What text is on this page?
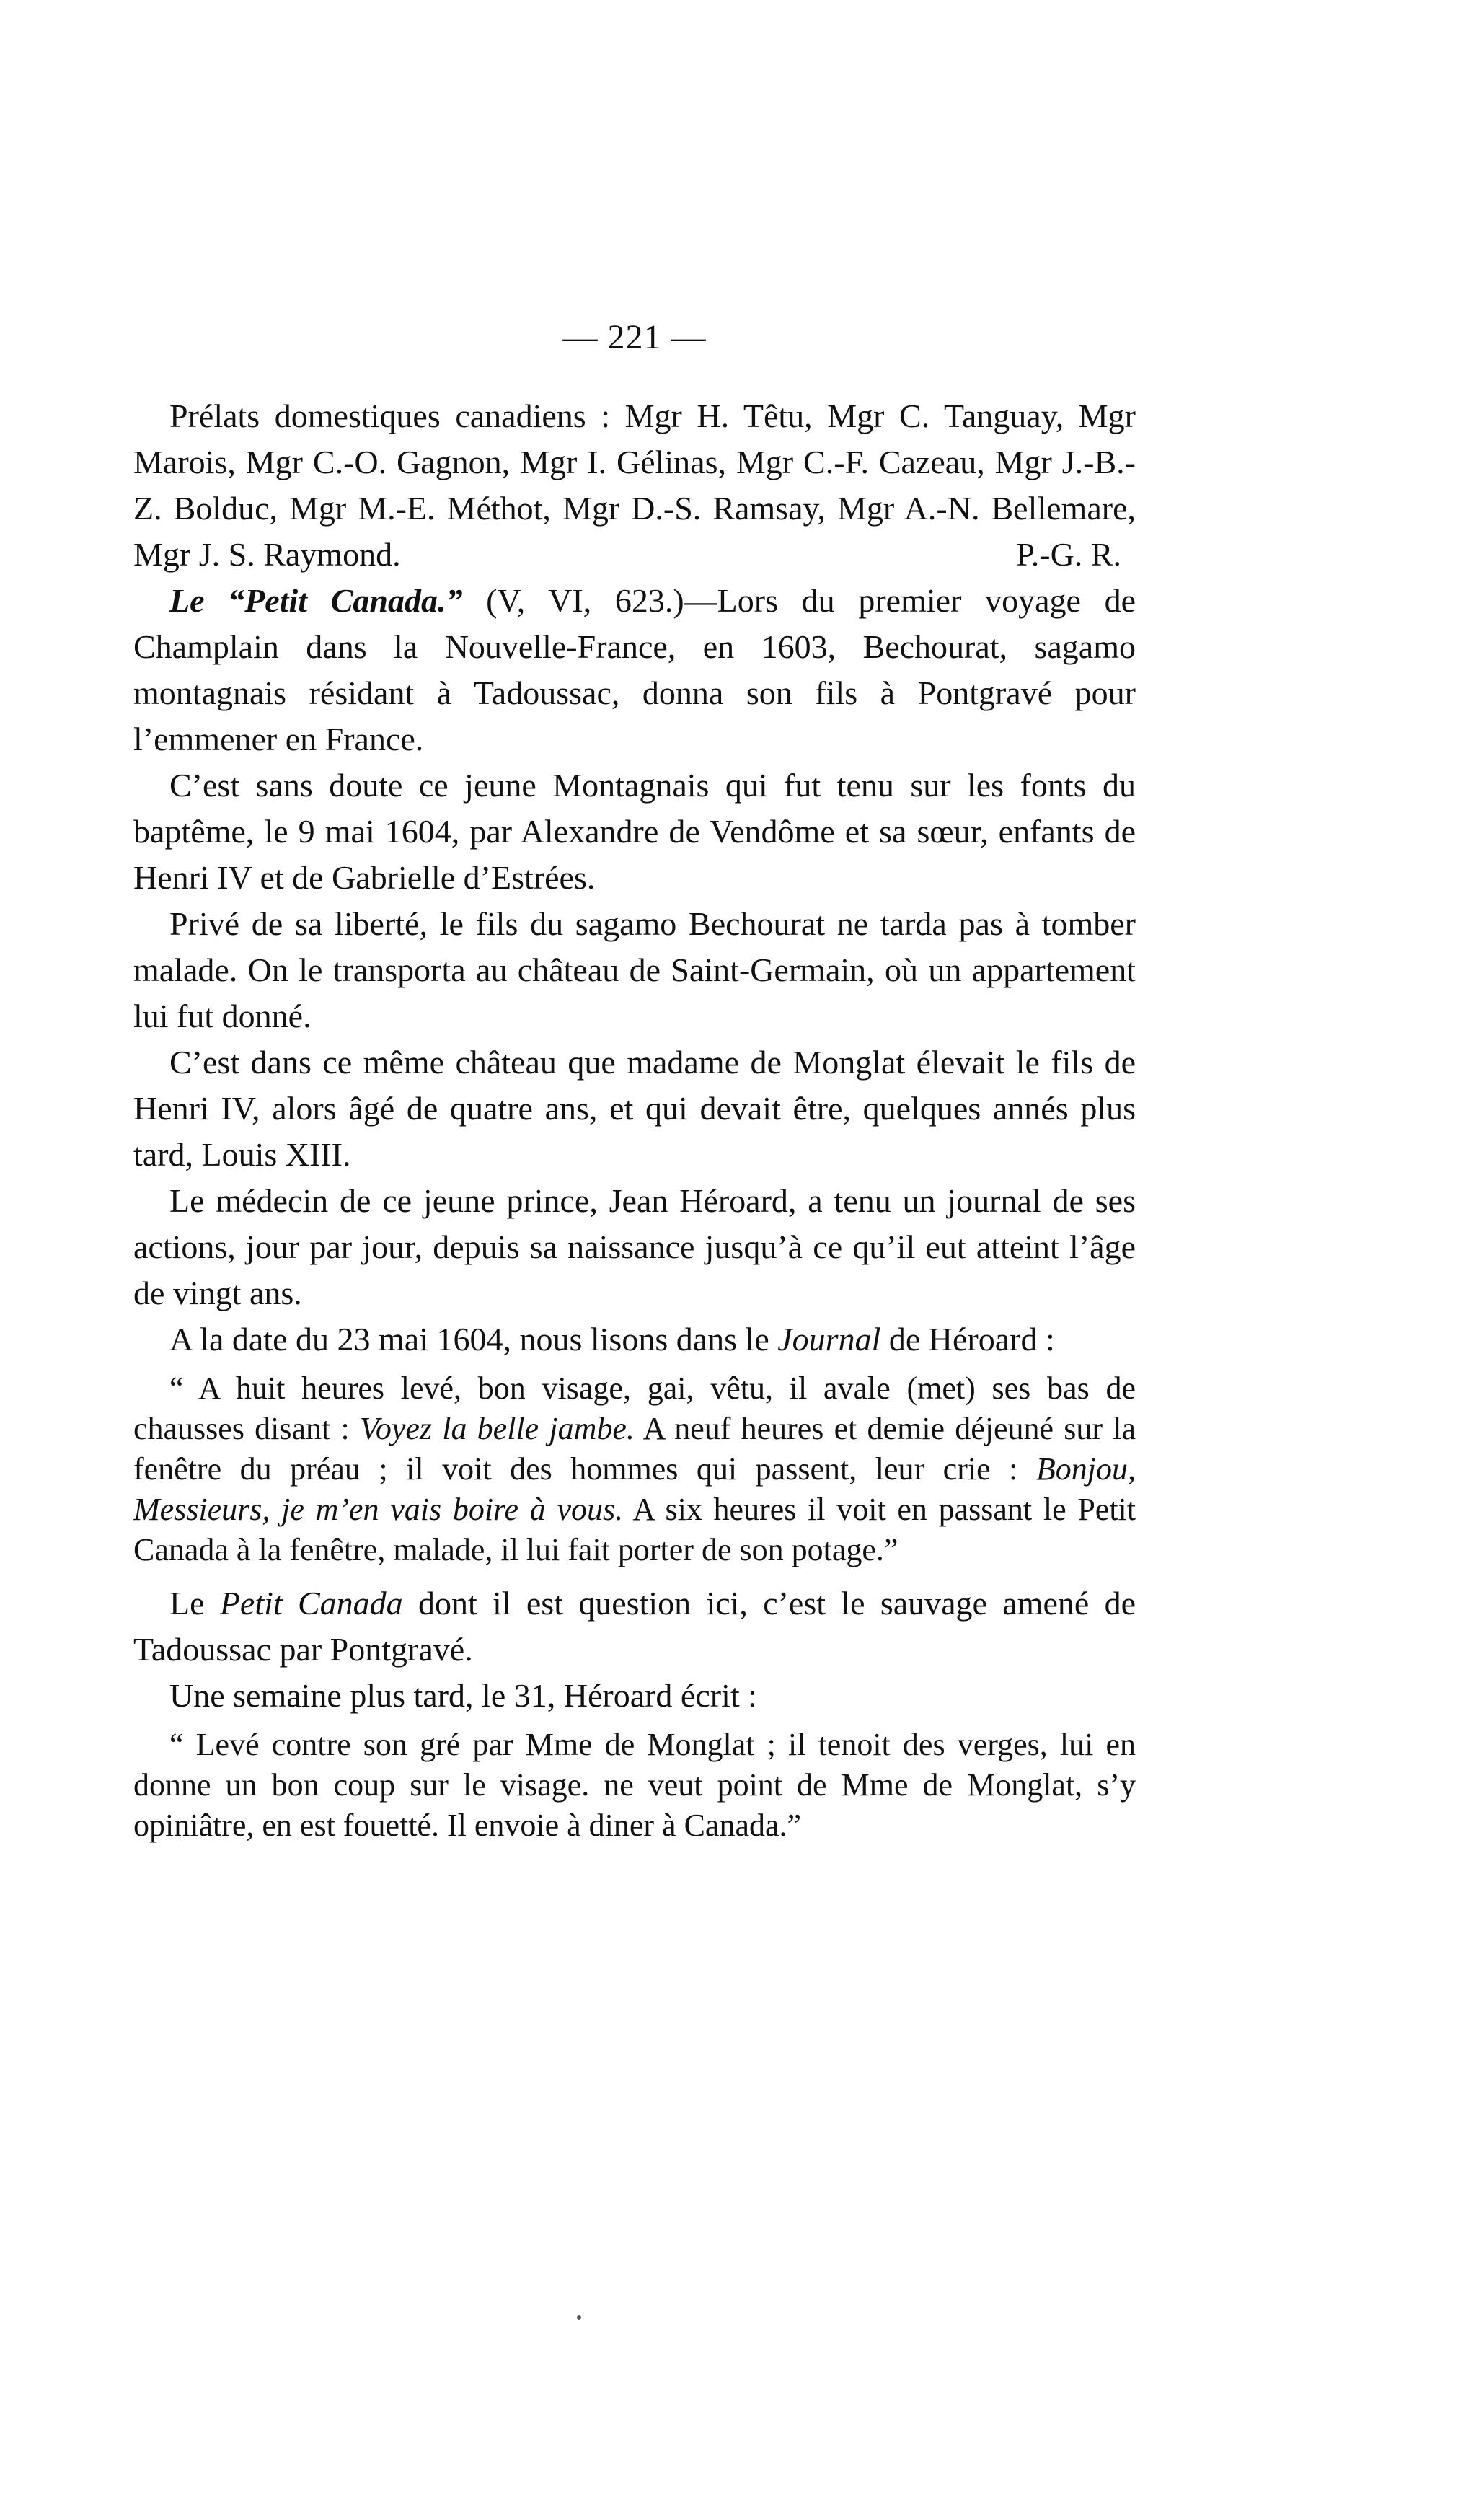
— 221 —

Prélats domestiques canadiens : Mgr H. Têtu, Mgr C. Tanguay, Mgr Marois, Mgr C.-O. Gagnon, Mgr I. Gélinas, Mgr C.-F. Cazeau, Mgr J.-B.-Z. Bolduc, Mgr M.-E. Méthot, Mgr D.-S. Ramsay, Mgr A.-N. Bellemare, Mgr J. S. Raymond.	P.-G. R.

Le “Petit Canada.” (V, VI, 623.)—Lors du premier voyage de Champlain dans la Nouvelle-France, en 1603, Bechourat, sagamo montagnais résidant à Tadoussac, donna son fils à Pontgravé pour l’emmener en France.

C’est sans doute ce jeune Montagnais qui fut tenu sur les fonts du baptême, le 9 mai 1604, par Alexandre de Vendôme et sa sœur, enfants de Henri IV et de Gabrielle d’Estrées.

Privé de sa liberté, le fils du sagamo Bechourat ne tarda pas à tomber malade. On le transporta au château de Saint-Germain, où un appartement lui fut donné.

C’est dans ce même château que madame de Monglat élevait le fils de Henri IV, alors âgé de quatre ans, et qui devait être, quelques annés plus tard, Louis XIII.

Le médecin de ce jeune prince, Jean Héroard, a tenu un journal de ses actions, jour par jour, depuis sa naissance jusqu’à ce qu’il eut atteint l’âge de vingt ans.

A la date du 23 mai 1604, nous lisons dans le Journal de Héroard :

“ A huit heures levé, bon visage, gai, vêtu, il avale (met) ses bas de chausses disant : Voyez la belle jambe. A neuf heures et demie déjeuné sur la fenêtre du préau ; il voit des hommes qui passent, leur crie : Bonjou, Messieurs, je m’en vais boire à vous. A six heures il voit en passant le Petit Canada à la fenêtre, malade, il lui fait porter de son potage.”

Le Petit Canada dont il est question ici, c’est le sauvage amené de Tadoussac par Pontgravé.

Une semaine plus tard, le 31, Héroard écrit :

“ Levé contre son gré par Mme de Monglat ; il tenoit des verges, lui en donne un bon coup sur le visage. ne veut point de Mme de Monglat, s’y opiniâtre, en est fouetté. Il envoie à diner à Canada.”
